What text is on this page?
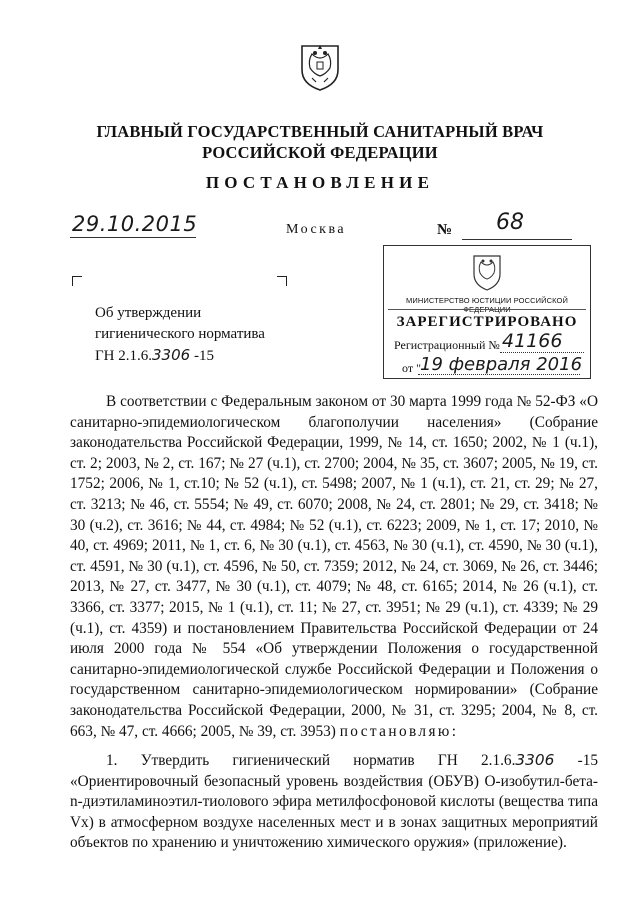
ГЛАВНЫЙ ГОСУДАРСТВЕННЫЙ САНИТАРНЫЙ ВРАЧ
РОССИЙСКОЙ ФЕДЕРАЦИИ
ПОСТАНОВЛЕНИЕ
29.10.2015	Москва	№ 68
Об утверждении
гигиенического норматива
ГН 2.1.6.3306 -15
МИНИСТЕРСТВО ЮСТИЦИИ РОССИЙСКОЙ ФЕДЕРАЦИИ
ЗАРЕГИСТРИРОВАНО
Регистрационный № 41166
от " 19 февраля 2016
В соответствии с Федеральным законом от 30 марта 1999 года № 52-ФЗ «О санитарно-эпидемиологическом благополучии населения» (Собрание законодательства Российской Федерации, 1999, № 14, ст. 1650; 2002, № 1 (ч.1), ст. 2; 2003, № 2, ст. 167; № 27 (ч.1), ст. 2700; 2004, № 35, ст. 3607; 2005, № 19, ст. 1752; 2006, № 1, ст.10; № 52 (ч.1), ст. 5498; 2007, № 1 (ч.1), ст. 21, ст. 29; № 27, ст. 3213; № 46, ст. 5554; № 49, ст. 6070; 2008, № 24, ст. 2801; № 29, ст. 3418; № 30 (ч.2), ст. 3616; № 44, ст. 4984; № 52 (ч.1), ст. 6223; 2009, № 1, ст. 17; 2010, № 40, ст. 4969; 2011, № 1, ст. 6, № 30 (ч.1), ст. 4563, № 30 (ч.1), ст. 4590, № 30 (ч.1), ст. 4591, № 30 (ч.1), ст. 4596, № 50, ст. 7359; 2012, № 24, ст. 3069, № 26, ст. 3446; 2013, № 27, ст. 3477, № 30 (ч.1), ст. 4079; № 48, ст. 6165; 2014, № 26 (ч.1), ст. 3366, ст. 3377; 2015, № 1 (ч.1), ст. 11; № 27, ст. 3951; № 29 (ч.1), ст. 4339; № 29 (ч.1), ст. 4359) и постановлением Правительства Российской Федерации от 24 июля 2000 года № 554 «Об утверждении Положения о государственной санитарно-эпидемиологической службе Российской Федерации и Положения о государственном санитарно-эпидемиологическом нормировании» (Собрание законодательства Российской Федерации, 2000, № 31, ст. 3295; 2004, № 8, ст. 663, № 47, ст. 4666; 2005, № 39, ст. 3953) постановляю:
1. Утвердить гигиенический норматив ГН 2.1.6.3306 -15 «Ориентировочный безопасный уровень воздействия (ОБУВ) О-изобутил-бета-n-диэтиламиноэтил-тиолового эфира метилфосфоновой кислоты (вещества типа Vх) в атмосферном воздухе населенных мест и в зонах защитных мероприятий объектов по хранению и уничтожению химического оружия» (приложение).
